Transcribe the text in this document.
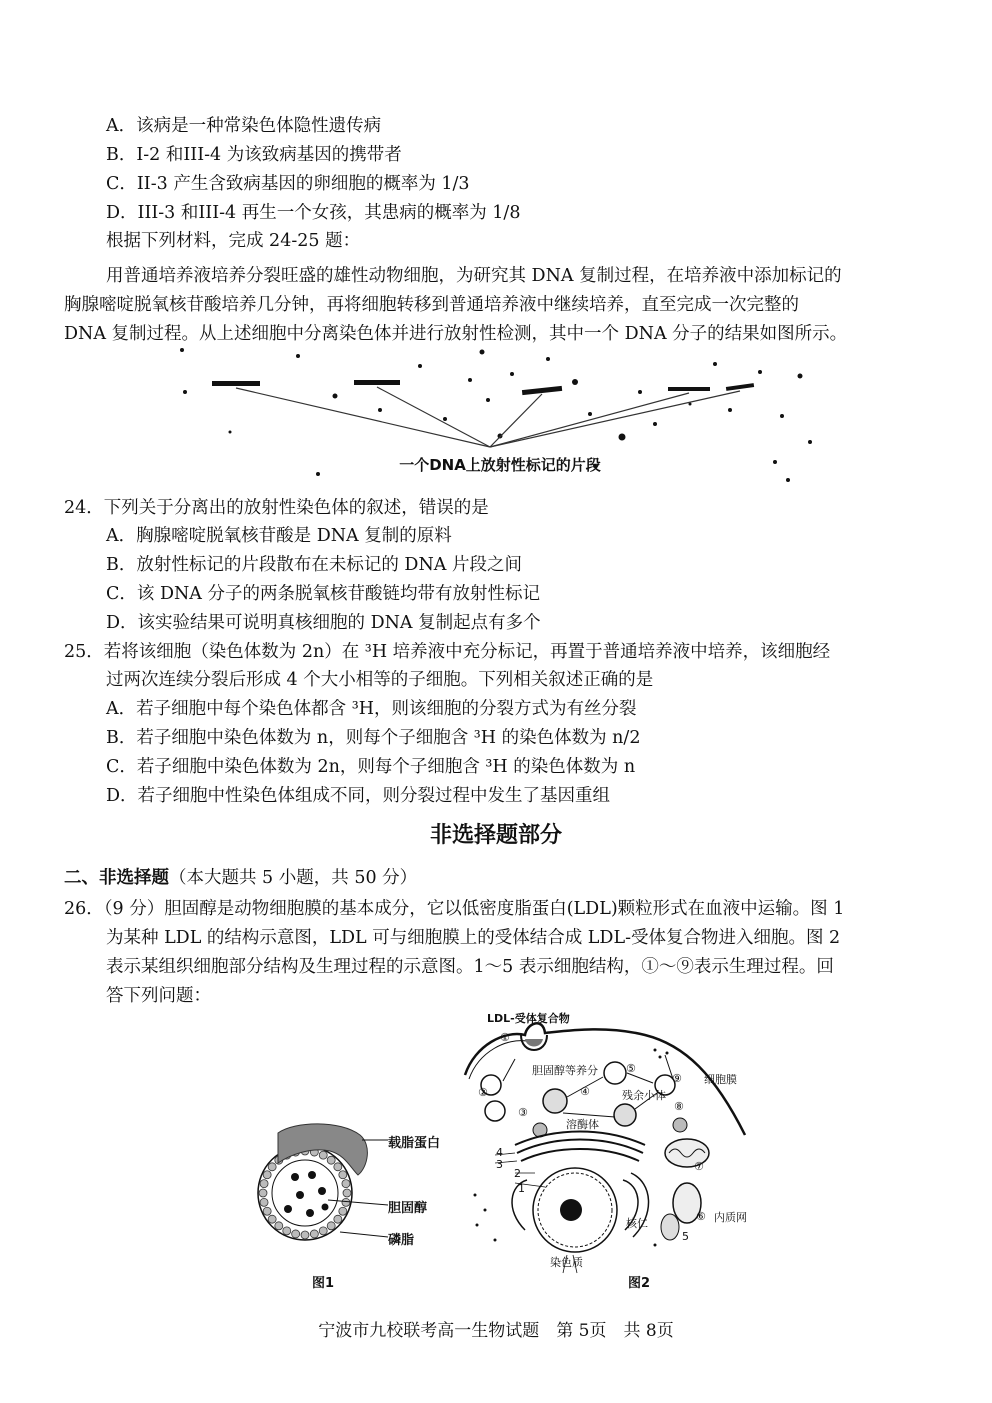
A．该病是一种常染色体隐性遗传病
B．I-2 和III-4 为该致病基因的携带者
C．II-3 产生含致病基因的卵细胞的概率为 1/3
D．III-3 和III-4 再生一个女孩，其患病的概率为 1/8
根据下列材料，完成 24-25 题：
用普通培养液培养分裂旺盛的雄性动物细胞，为研究其 DNA 复制过程，在培养液中添加标记的
胸腺嘧啶脱氧核苷酸培养几分钟，再将细胞转移到普通培养液中继续培养，直至完成一次完整的
DNA 复制过程。从上述细胞中分离染色体并进行放射性检测，其中一个 DNA 分子的结果如图所示。
一个DNA上放射性标记的片段
24．下列关于分离出的放射性染色体的叙述，错误的是
A．胸腺嘧啶脱氧核苷酸是 DNA 复制的原料
B．放射性标记的片段散布在未标记的 DNA 片段之间
C．该 DNA 分子的两条脱氧核苷酸链均带有放射性标记
D．该实验结果可说明真核细胞的 DNA 复制起点有多个
25．若将该细胞（染色体数为 2n）在 ³H 培养液中充分标记，再置于普通培养液中培养，该细胞经
过两次连续分裂后形成 4 个大小相等的子细胞。下列相关叙述正确的是
A．若子细胞中每个染色体都含 ³H，则该细胞的分裂方式为有丝分裂
B．若子细胞中染色体数为 n，则每个子细胞含 ³H 的染色体数为 n/2
C．若子细胞中染色体数为 2n，则每个子细胞含 ³H 的染色体数为 n
D．若子细胞中性染色体组成不同，则分裂过程中发生了基因重组
非选择题部分
二、非选择题（本大题共 5 小题，共 50 分）
26．（9 分）胆固醇是动物细胞膜的基本成分，它以低密度脂蛋白(LDL)颗粒形式在血液中运输。图 1
为某种 LDL 的结构示意图，LDL 可与细胞膜上的受体结合成 LDL-受体复合物进入细胞。图 2
表示某组织细胞部分结构及生理过程的示意图。1～5 表示细胞结构，①～⑨表示生理过程。回
答下列问题：
载脂蛋白
胆固醇
磷脂
图1
LDL-受体复合物
胆固醇等养分
残余小体
细胞膜
溶酶体
内质网
核仁
染色质
①
②
③
④
⑤
⑥
⑦
⑧
⑨
1
2
3
4
5
图2
宁波市九校联考高一生物试题　第 5页　共 8页
